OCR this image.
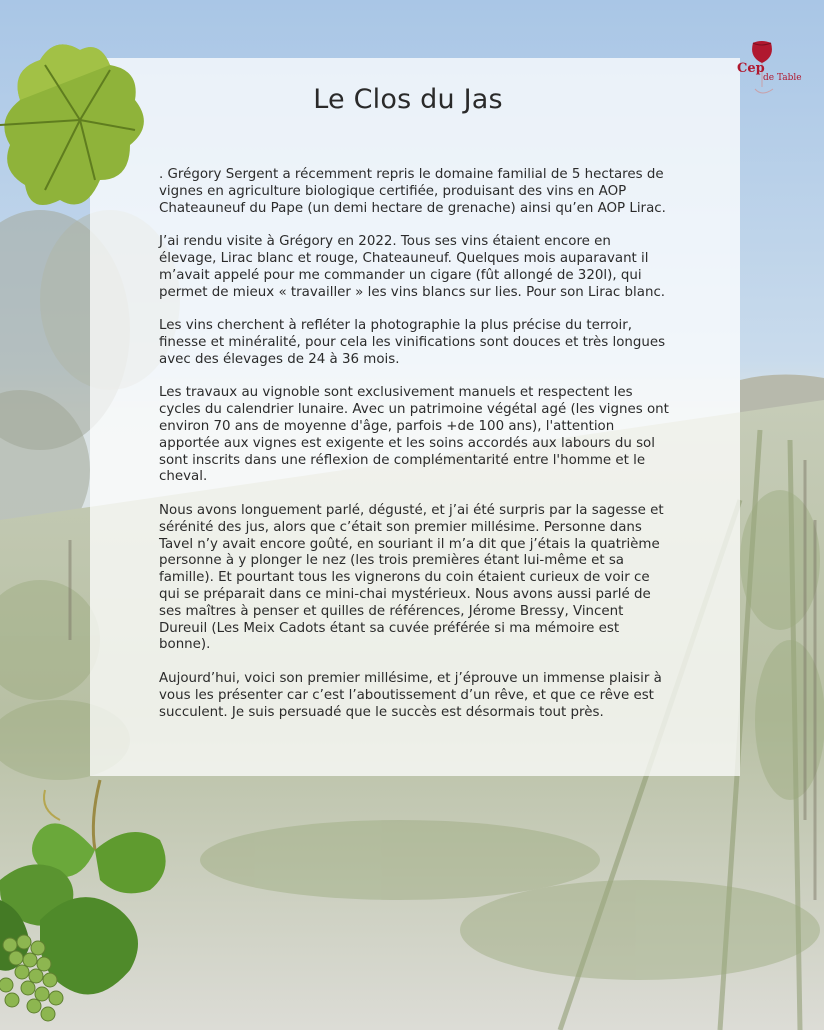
Le Clos du Jas

. Grégory Sergent a récemment repris le domaine familial de 5 hectares de vignes en agriculture biologique certifiée, produisant des vins en AOP Chateauneuf du Pape (un demi hectare de grenache) ainsi qu’en AOP Lirac.

J’ai rendu visite à Grégory en 2022. Tous ses vins étaient encore en élevage, Lirac blanc et rouge, Chateauneuf. Quelques mois auparavant il m’avait appelé pour me commander un cigare (fût allongé de 320l), qui permet de mieux « travailler » les vins blancs sur lies. Pour son Lirac blanc.

Les vins cherchent à refléter la photographie la plus précise du terroir, finesse et minéralité, pour cela les vinifications sont douces et très longues avec des élevages de 24 à 36 mois.

Les travaux au vignoble sont exclusivement manuels et respectent les cycles du calendrier lunaire. Avec un patrimoine végétal agé (les vignes ont environ 70 ans de moyenne d'âge, parfois +de 100 ans), l'attention apportée aux vignes est exigente et les soins accordés aux labours du sol sont inscrits dans une réflexion de complémentarité entre l'homme et le cheval.

Nous avons longuement parlé, dégusté, et j’ai été surpris par la sagesse et sérénité des jus, alors que c’était son premier millésime. Personne dans Tavel n’y avait encore goûté, en souriant il m’a dit que j’étais la quatrième personne à y plonger le nez (les trois premières étant lui-même et sa famille). Et pourtant tous les vignerons du coin étaient curieux de voir ce qui se préparait dans ce mini-chai mystérieux. Nous avons aussi parlé de ses maîtres à penser et quilles de références, Jérome Bressy, Vincent Dureuil (Les Meix Cadots étant sa cuvée préférée si ma mémoire est bonne).

Aujourd’hui, voici son premier millésime, et j’éprouve un immense plaisir à vous les présenter car c’est l’aboutissement d’un rêve, et que ce rêve est succulent. Je suis persuadé que le succès est désormais tout près.

Cep
de Table
